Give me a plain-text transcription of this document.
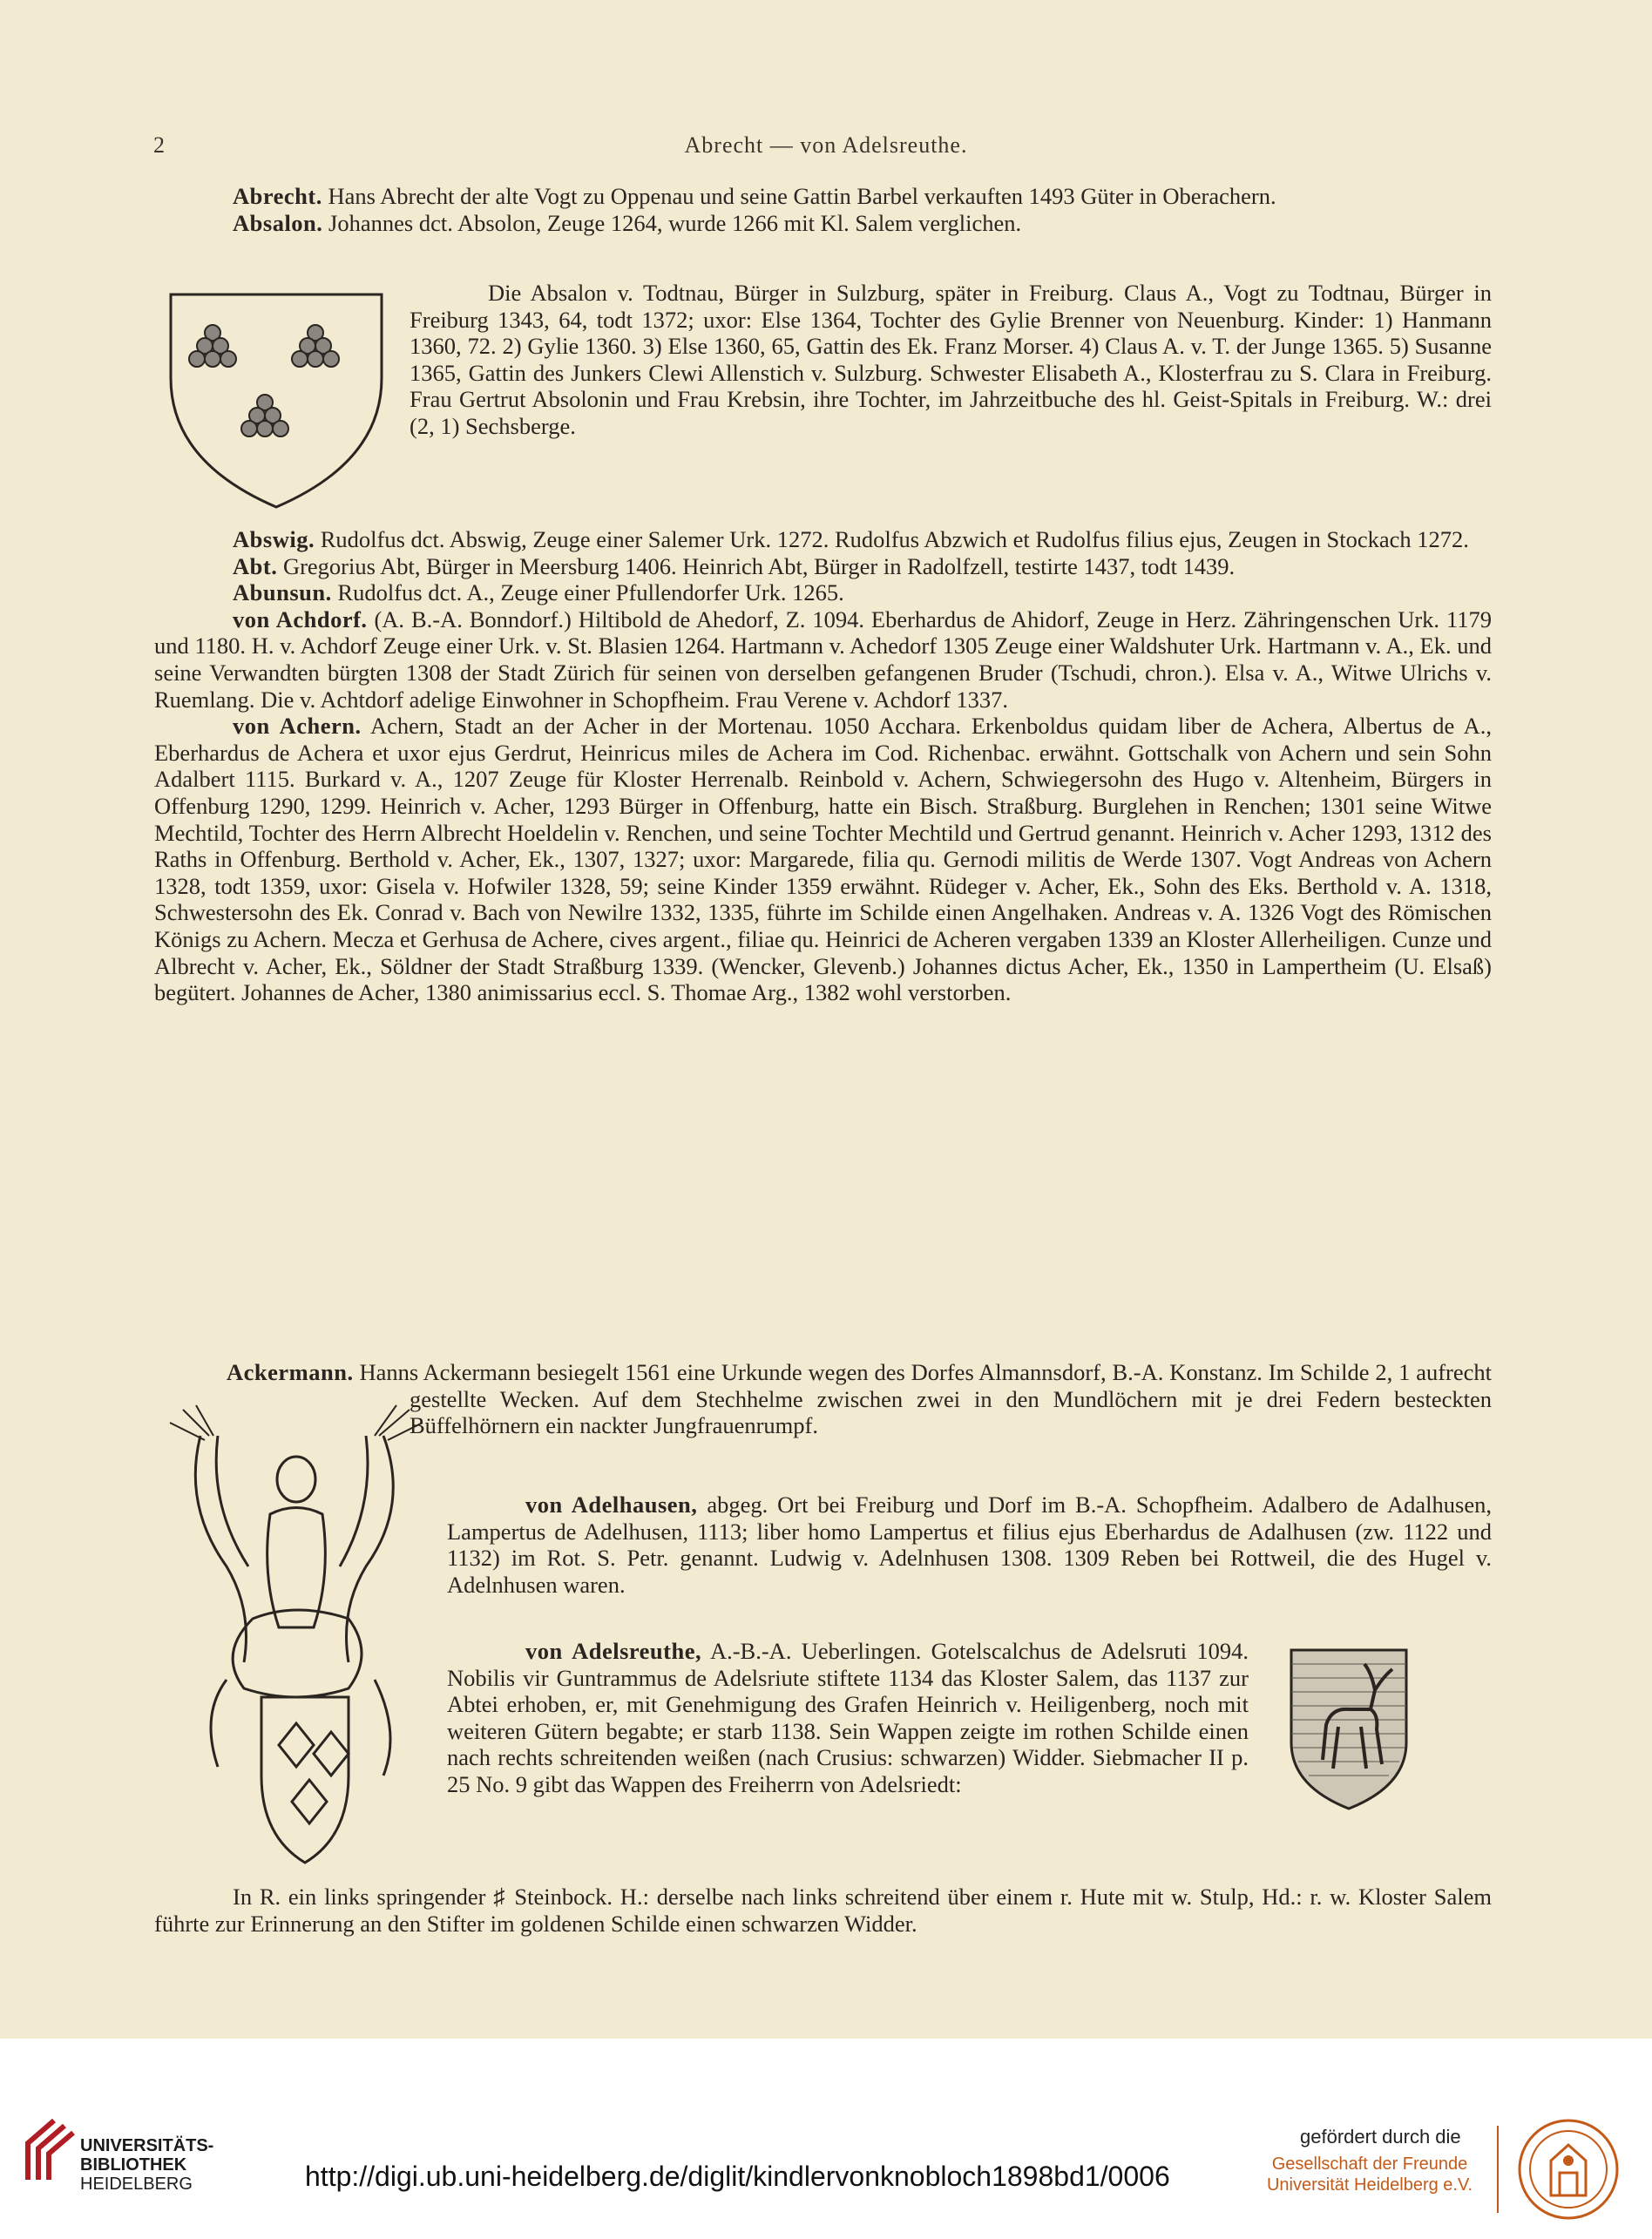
2	Abrecht — von Adelsreuthe.

Abrecht. Hans Abrecht der alte Vogt zu Oppenau und seine Gattin Barbel verkauften 1493 Güter in Oberachern.

Absalon. Johannes dct. Absolon, Zeuge 1264, wurde 1266 mit Kl. Salem verglichen.

Die Absalon v. Todtnau, Bürger in Sulzburg, später in Freiburg. Claus A., Vogt zu Todtnau, Bürger in Freiburg 1343, 64, todt 1372; uxor: Else 1364, Tochter des Gylie Brenner von Neuenburg. Kinder: 1) Hanmann 1360, 72. 2) Gylie 1360. 3) Else 1360, 65, Gattin des Ek. Franz Morser. 4) Claus A. v. T. der Junge 1365. 5) Susanne 1365, Gattin des Junkers Clewi Allenstich v. Sulzburg. Schwester Elisabeth A., Klosterfrau zu S. Clara in Freiburg. Frau Gertrut Absolonin und Frau Krebsin, ihre Tochter, im Jahrzeitbuche des hl. Geist-Spitals in Freiburg. W.: drei (2, 1) Sechsberge.

Abswig. Rudolfus dct. Abswig, Zeuge einer Salemer Urk. 1272. Rudolfus Abzwich et Rudolfus filius ejus, Zeugen in Stockach 1272.

Abt. Gregorius Abt, Bürger in Meersburg 1406. Heinrich Abt, Bürger in Radolfzell, testirte 1437, todt 1439.

Abunsun. Rudolfus dct. A., Zeuge einer Pfullendorfer Urk. 1265.

von Achdorf. (A. B.-A. Bonndorf.) Hiltibold de Ahedorf, Z. 1094. Eberhardus de Ahidorf, Zeuge in Herz. Zähringenschen Urk. 1179 und 1180. H. v. Achdorf Zeuge einer Urk. v. St. Blasien 1264. Hartmann v. Achedorf 1305 Zeuge einer Waldshuter Urk. Hartmann v. A., Ek. und seine Verwandten bürgten 1308 der Stadt Zürich für seinen von derselben gefangenen Bruder (Tschudi, chron.). Elsa v. A., Witwe Ulrichs v. Ruemlang. Die v. Achtdorf adelige Einwohner in Schopfheim. Frau Verene v. Achdorf 1337.

von Achern. Achern, Stadt an der Acher in der Mortenau. 1050 Acchara. Erkenboldus quidam liber de Achera, Albertus de A., Eberhardus de Achera et uxor ejus Gerdrut, Heinricus miles de Achera im Cod. Richenbac. erwähnt. Gottschalk von Achern und sein Sohn Adalbert 1115. Burkard v. A., 1207 Zeuge für Kloster Herrenalb. Reinbold v. Achern, Schwiegersohn des Hugo v. Altenheim, Bürgers in Offenburg 1290, 1299. Heinrich v. Acher, 1293 Bürger in Offenburg, hatte ein Bisch. Straßburg. Burglehen in Renchen; 1301 seine Witwe Mechtild, Tochter des Herrn Albrecht Hoeldelin v. Renchen, und seine Tochter Mechtild und Gertrud genannt. Heinrich v. Acher 1293, 1312 des Raths in Offenburg. Berthold v. Acher, Ek., 1307, 1327; uxor: Margarede, filia qu. Gernodi militis de Werde 1307. Vogt Andreas von Achern 1328, todt 1359, uxor: Gisela v. Hofwiler 1328, 59; seine Kinder 1359 erwähnt. Rüdeger v. Acher, Ek., Sohn des Eks. Berthold v. A. 1318, Schwestersohn des Ek. Conrad v. Bach von Newilre 1332, 1335, führte im Schilde einen Angelhaken. Andreas v. A. 1326 Vogt des Römischen Königs zu Achern. Mecza et Gerhusa de Achere, cives argent., filiae qu. Heinrici de Acheren vergaben 1339 an Kloster Allerheiligen. Cunze und Albrecht v. Acher, Ek., Söldner der Stadt Straßburg 1339. (Wencker, Glevenb.) Johannes dictus Acher, Ek., 1350 in Lampertheim (U. Elsaß) begütert. Johannes de Acher, 1380 animissarius eccl. S. Thomae Arg., 1382 wohl verstorben.

Ackermann. Hanns Ackermann besiegelt 1561 eine Urkunde wegen des Dorfes Almannsdorf, B.-A. Konstanz. Im Schilde 2, 1 aufrecht gestellte Wecken. Auf dem Stechhelme zwischen zwei in den Mundlöchern mit je drei Federn besteckten Büffelhörnern ein nackter Jungfrauenrumpf.

von Adelhausen, abgeg. Ort bei Freiburg und Dorf im B.-A. Schopfheim. Adalbero de Adalhusen, Lampertus de Adelhusen, 1113; liber homo Lampertus et filius ejus Eberhardus de Adalhusen (zw. 1122 und 1132) im Rot. S. Petr. genannt. Ludwig v. Adelnhusen 1308. 1309 Reben bei Rottweil, die des Hugel v. Adelnhusen waren.

von Adelsreuthe, A.-B.-A. Ueberlingen. Gotelscalchus de Adelsruti 1094. Nobilis vir Guntrammus de Adelsriute stiftete 1134 das Kloster Salem, das 1137 zur Abtei erhoben, er, mit Genehmigung des Grafen Heinrich v. Heiligenberg, noch mit weiteren Gütern begabte; er starb 1138. Sein Wappen zeigte im rothen Schilde einen nach rechts schreitenden weißen (nach Crusius: schwarzen) Widder. Siebmacher II p. 25 No. 9 gibt das Wappen des Freiherrn von Adelsriedt:

In R. ein links springender ♯ Steinbock. H.: derselbe nach links schreitend über einem r. Hute mit w. Stulp, Hd.: r. w. Kloster Salem führte zur Erinnerung an den Stifter im goldenen Schilde einen schwarzen Widder.

UNIVERSITÄTS-
BIBLIOTHEK
HEIDELBERG	http://digi.ub.uni-heidelberg.de/diglit/kindlervonknobloch1898bd1/0006
gefördert durch die
Gesellschaft der Freunde
Universität Heidelberg e.V.
